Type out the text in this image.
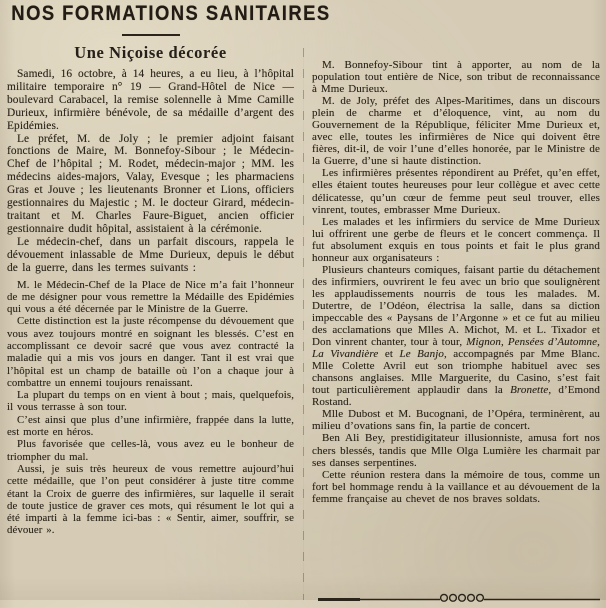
NOS FORMATIONS SANITAIRES
Une Niçoise décorée

Samedi, 16 octobre, à 14 heures, a eu lieu, à l’hôpital militaire temporaire n° 19 — Grand-Hôtel de Nice — boulevard Carabacel, la remise solennelle à Mme Camille Durieux, infirmière bénévole, de sa médaille d’argent des Epidémies.

Le préfet, M. de Joly ; le premier adjoint faisant fonctions de Maire, M. Bonnefoy-Sibour ; le Médecin-Chef de l’hôpital ; M. Rodet, médecin-major ; MM. les médecins aides-majors, Valay, Evesque ; les pharmaciens Gras et Jouve ; les lieutenants Bronner et Lions, officiers gestionnaires du Majestic ; M. le docteur Girard, médecin-traitant et M. Charles Faure-Biguet, ancien officier gestionnaire dudit hôpital, assistaient à la cérémonie.

Le médecin-chef, dans un parfait discours, rappela le dévouement inlassable de Mme Durieux, depuis le début de la guerre, dans les termes suivants :

M. le Médecin-Chef de la Place de Nice m’a fait l’honneur de me désigner pour vous remettre la Médaille des Epidémies qui vous a été décernée par le Ministre de la Guerre.

Cette distinction est la juste récompense du dévouement que vous avez toujours montré en soignant les blessés. C’est en accomplissant ce devoir sacré que vous avez contracté la maladie qui a mis vos jours en danger. Tant il est vrai que l’hôpital est un champ de bataille où l’on a chaque jour à combattre un ennemi toujours renaissant.

La plupart du temps on en vient à bout ; mais, quelquefois, il vous terrasse à son tour.

C’est ainsi que plus d’une infirmière, frappée dans la lutte, est morte en héros.

Plus favorisée que celles-là, vous avez eu le bonheur de triompher du mal.

Aussi, je suis très heureux de vous remettre aujourd’hui cette médaille, que l’on peut considérer à juste titre comme étant la Croix de guerre des infirmières, sur laquelle il serait de toute justice de graver ces mots, qui résument le lot qui a été imparti à la femme ici-bas : « Sentir, aimer, souffrir, se dévouer ».

M. Bonnefoy-Sibour tint à apporter, au nom de la population tout entière de Nice, son tribut de reconnaissance à Mme Durieux.

M. de Joly, préfet des Alpes-Maritimes, dans un discours plein de charme et d’éloquence, vint, au nom du Gouvernement de la République, féliciter Mme Durieux et, avec elle, toutes les infirmières de Nice qui doivent être fières, dit-il, de voir l’une d’elles honorée, par le Ministre de la Guerre, d’une si haute distinction.

Les infirmières présentes répondirent au Préfet, qu’en effet, elles étaient toutes heureuses pour leur collègue et avec cette délicatesse, qu’un cœur de femme peut seul trouver, elles vinrent, toutes, embrasser Mme Durieux.

Les malades et les infirmiers du service de Mme Durieux lui offrirent une gerbe de fleurs et le concert commença. Il fut absolument exquis en tous points et fait le plus grand honneur aux organisateurs :

Plusieurs chanteurs comiques, faisant partie du détachement des infirmiers, ouvrirent le feu avec un brio que soulignèrent les applaudissements nourris de tous les malades. M. Dutertre, de l’Odéon, électrisa la salle, dans sa diction impeccable des « Paysans de l’Argonne » et ce fut au milieu des acclamations que Mlles A. Michot, M. et L. Tixador et Don vinrent chanter, tour à tour, Mignon, Pensées d’Automne, La Vivandière et Le Banjo, accompagnés par Mme Blanc. Mlle Colette Avril eut son triomphe habituel avec ses chansons anglaises. Mlle Marguerite, du Casino, s’est fait tout particulièrement applaudir dans la Bronette, d’Emond Rostand.

Mlle Dubost et M. Bucognani, de l’Opéra, terminèrent, au milieu d’ovations sans fin, la partie de concert.

Ben Ali Bey, prestidigitateur illusionniste, amusa fort nos chers blessés, tandis que Mlle Olga Lumière les charmait par ses danses serpentines.

Cette réunion restera dans la mémoire de tous, comme un fort bel hommage rendu à la vaillance et au dévouement de la femme française au chevet de nos braves soldats.
